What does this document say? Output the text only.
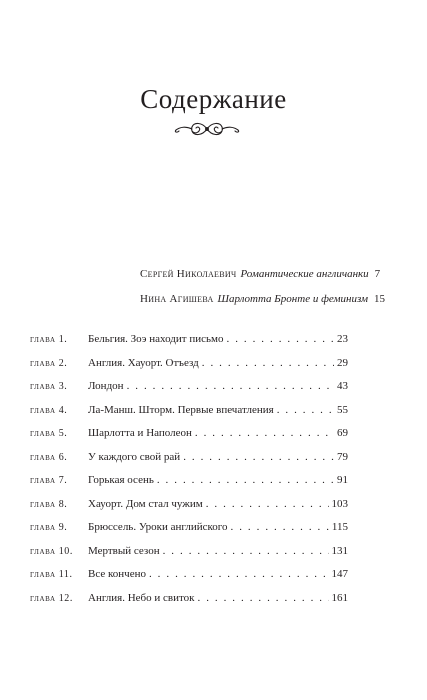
Содержание
Сергей Николаевич Романтические англичанки 7
Нина Агишева Шарлотта Бронте и феминизм 15
глава 1.	Бельгия. Зоэ находит письмо . . .	23
глава 2.	Англия. Хауорт. Отъезд . . .	29
глава 3.	Лондон . . .	43
глава 4.	Ла-Манш. Шторм. Первые впечатления . . .	55
глава 5.	Шарлотта и Наполеон . . .	69
глава 6.	У каждого свой рай . . .	79
глава 7.	Горькая осень . . .	91
глава 8.	Хауорт. Дом стал чужим . . .	103
глава 9.	Брюссель. Уроки английского . . .	115
глава 10.	Мертвый сезон . . .	131
глава 11.	Все кончено . . .	147
глава 12.	Англия. Небо и свиток . . .	161
